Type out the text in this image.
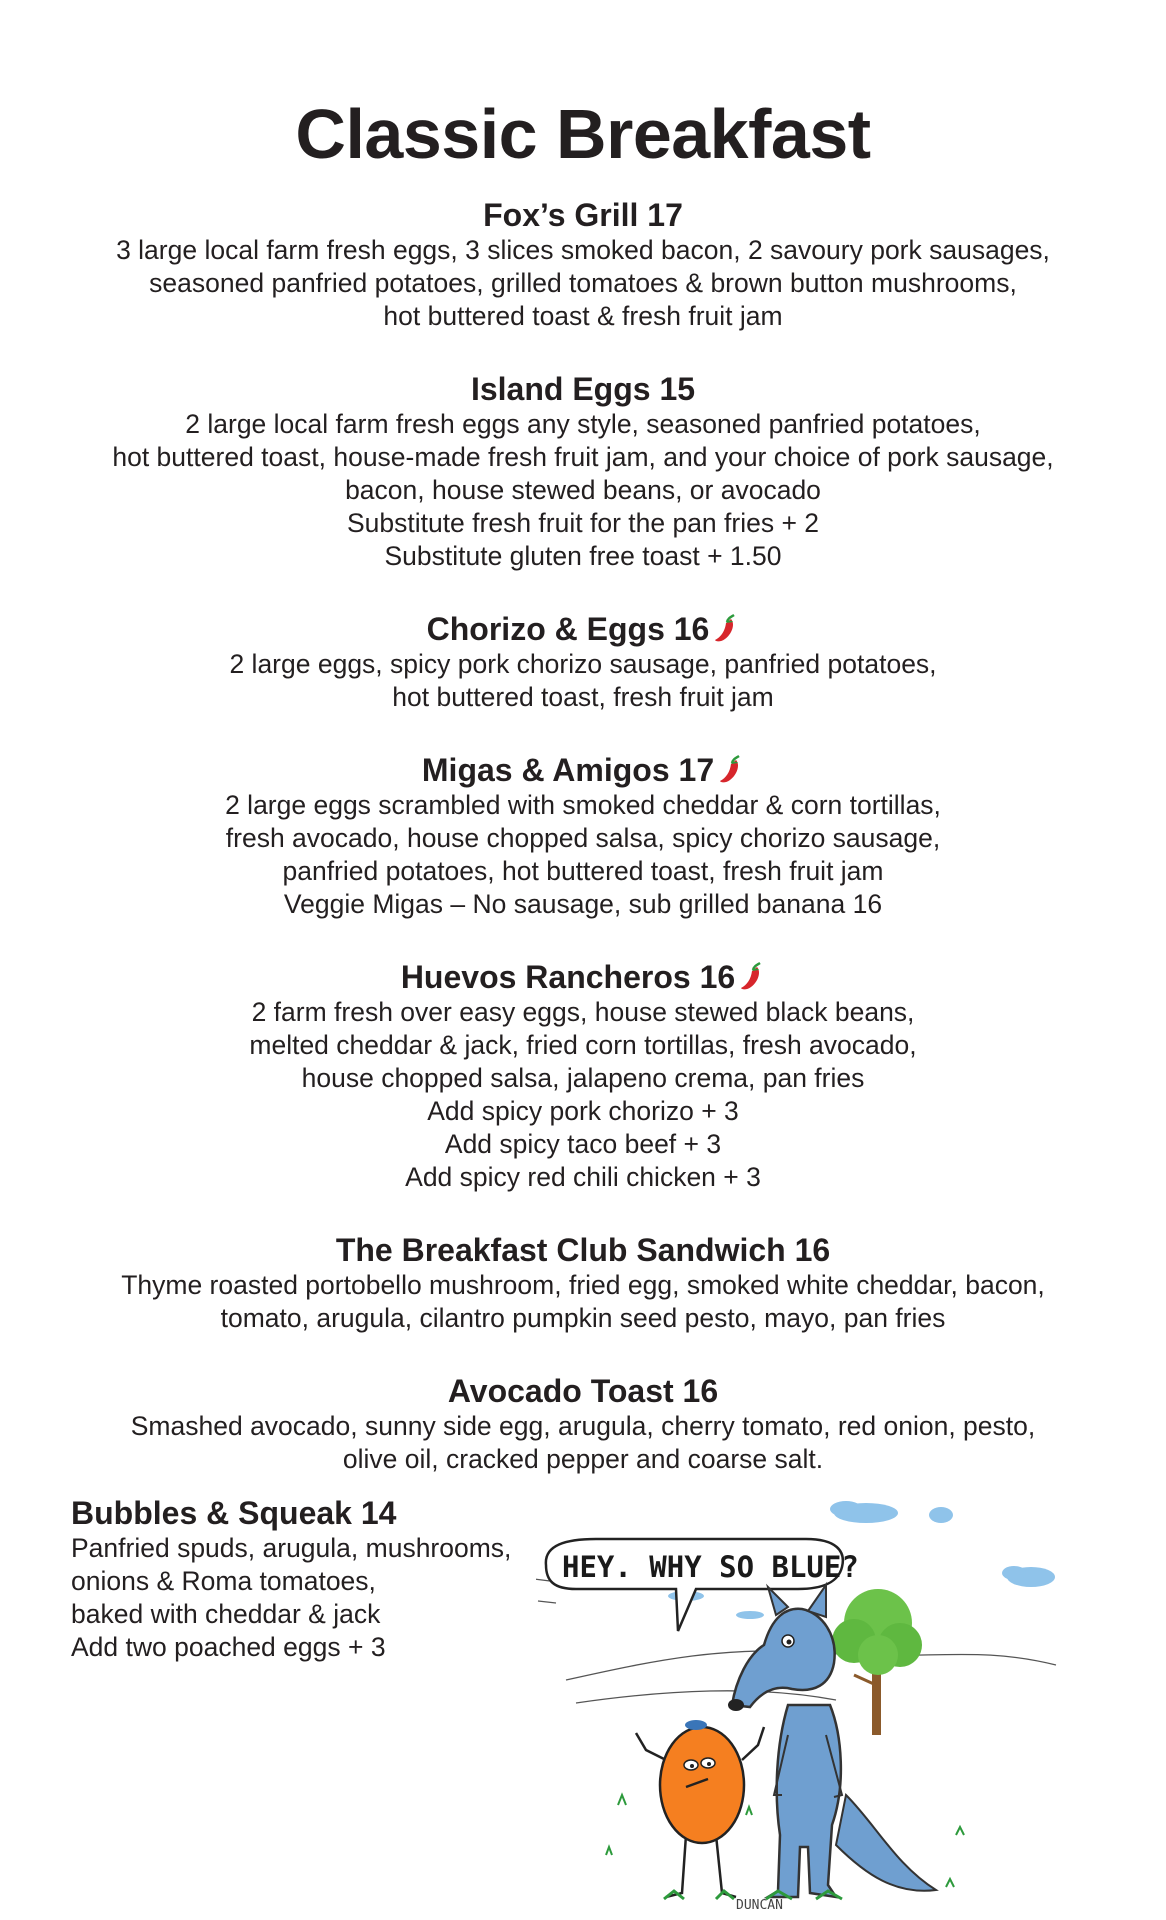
Classic Breakfast

Fox’s Grill 17

3 large local farm fresh eggs, 3 slices smoked bacon, 2 savoury pork sausages,

seasoned panfried potatoes, grilled tomatoes & brown button mushrooms,

hot buttered toast & fresh fruit jam

Island Eggs 15

2 large local farm fresh eggs any style, seasoned panfried potatoes,

hot buttered toast, house-made fresh fruit jam, and your choice of pork sausage,

bacon, house stewed beans, or avocado

Substitute fresh fruit for the pan fries + 2

Substitute gluten free toast + 1.50

Chorizo & Eggs 16

2 large eggs, spicy pork chorizo sausage, panfried potatoes,

hot buttered toast, fresh fruit jam

Migas & Amigos 17

2 large eggs scrambled with smoked cheddar & corn tortillas,

fresh avocado, house chopped salsa, spicy chorizo sausage,

panfried potatoes, hot buttered toast, fresh fruit jam

Veggie Migas – No sausage, sub grilled banana 16

Huevos Rancheros 16

2 farm fresh over easy eggs, house stewed black beans,

melted cheddar & jack, fried corn tortillas, fresh avocado,

house chopped salsa, jalapeno crema, pan fries

Add spicy pork chorizo + 3

Add spicy taco beef + 3

Add spicy red chili chicken + 3

The Breakfast Club Sandwich 16

Thyme roasted portobello mushroom, fried egg, smoked white cheddar, bacon,

tomato, arugula, cilantro pumpkin seed pesto, mayo, pan fries

Avocado Toast 16

Smashed avocado, sunny side egg, arugula, cherry tomato, red onion, pesto,

olive oil, cracked pepper and coarse salt.

Bubbles & Squeak 14

Panfried spuds, arugula, mushrooms,

onions & Roma tomatoes,

baked with cheddar & jack

Add two poached eggs + 3

HEY. WHY SO BLUE?
DUNCAN
